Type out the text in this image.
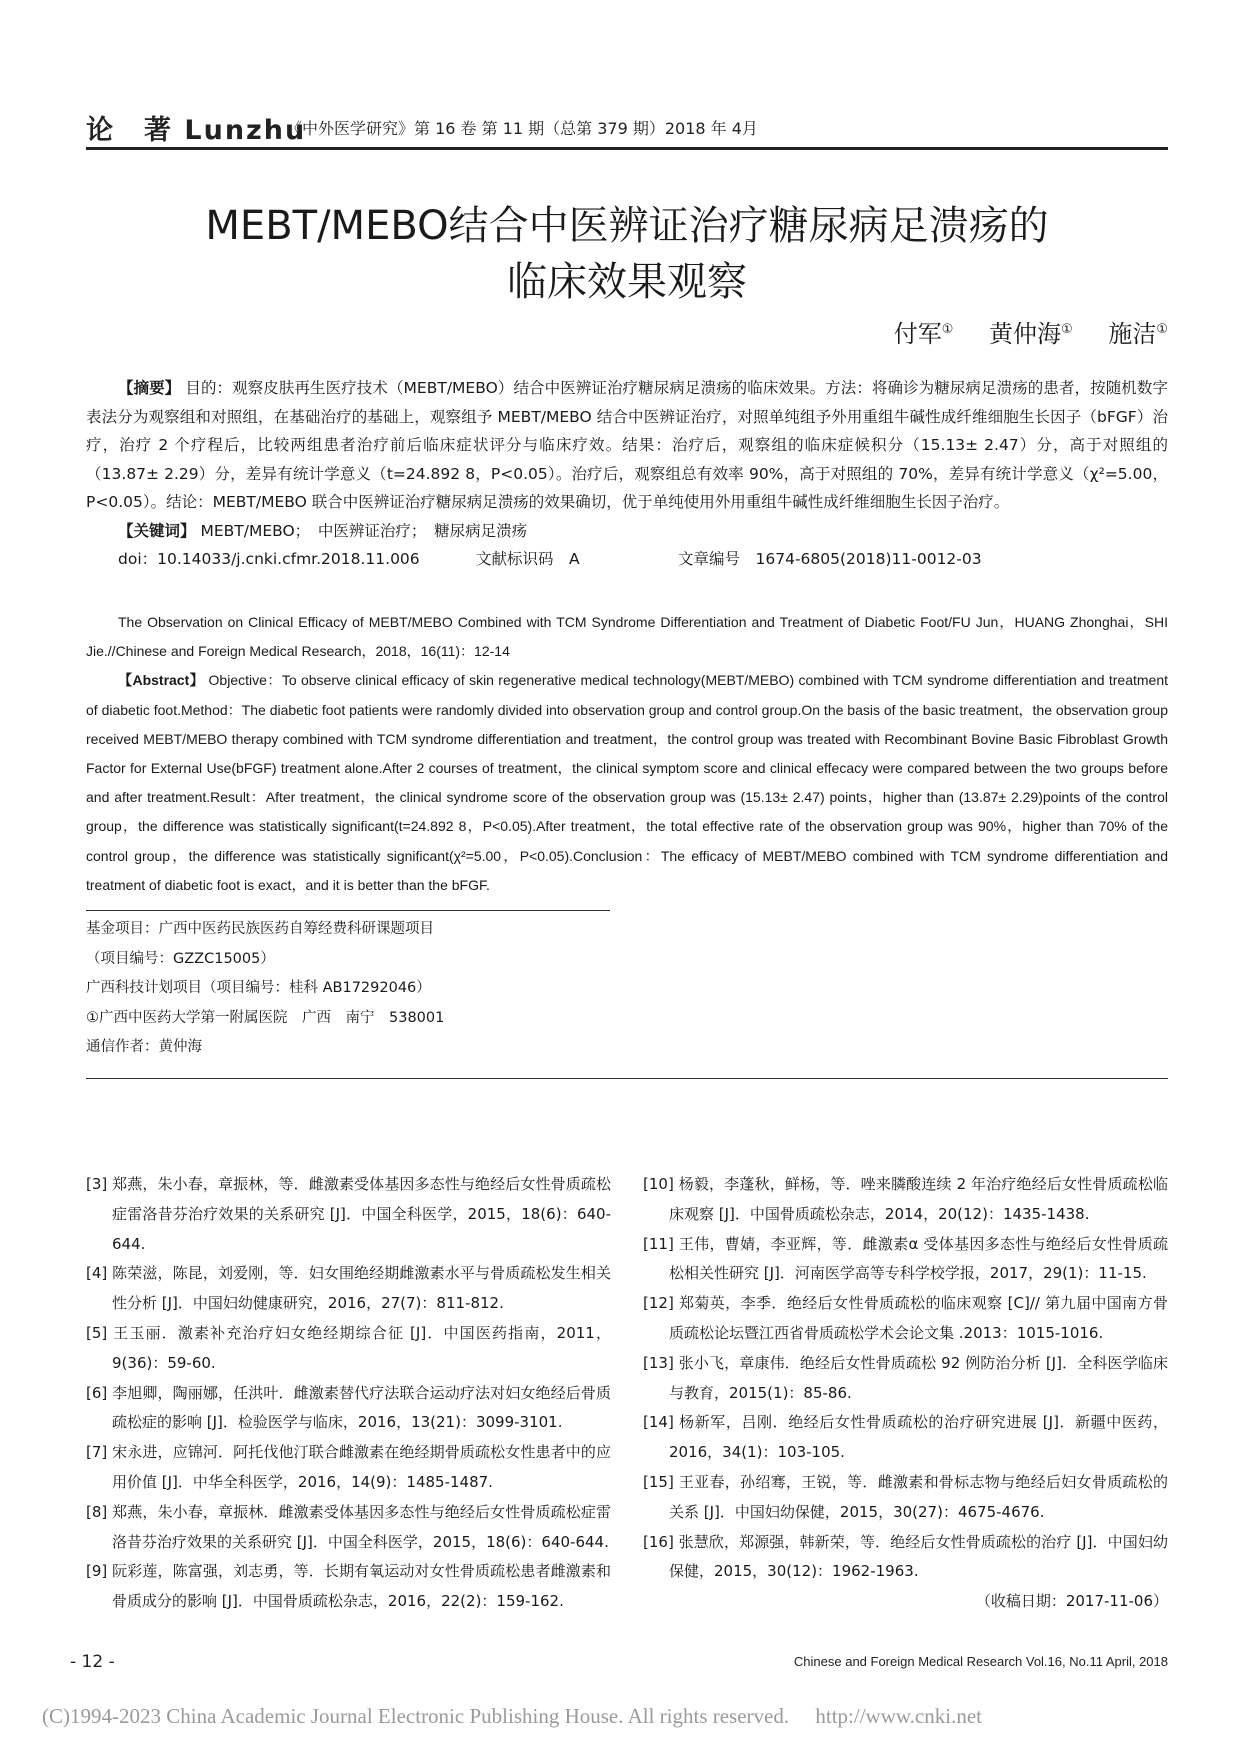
论　著 Lunzhu
《中外医学研究》第 16 卷 第 11 期（总第 379 期）2018 年 4月
MEBT/MEBO结合中医辨证治疗糖尿病足溃疡的
临床效果观察
付军① 黄仲海① 施洁①
【摘要】 目的：观察皮肤再生医疗技术（MEBT/MEBO）结合中医辨证治疗糖尿病足溃疡的临床效果。方法：将确诊为糖尿病足溃疡的患者，按随机数字表法分为观察组和对照组，在基础治疗的基础上，观察组予 MEBT/MEBO 结合中医辨证治疗，对照单纯组予外用重组牛碱性成纤维细胞生长因子（bFGF）治疗，治疗 2 个疗程后，比较两组患者治疗前后临床症状评分与临床疗效。结果：治疗后，观察组的临床症候积分（15.13± 2.47）分，高于对照组的（13.87± 2.29）分，差异有统计学意义（t=24.892 8，P<0.05）。治疗后，观察组总有效率 90%，高于对照组的 70%，差异有统计学意义（χ²=5.00，P<0.05）。结论：MEBT/MEBO 联合中医辨证治疗糖尿病足溃疡的效果确切，优于单纯使用外用重组牛碱性成纤维细胞生长因子治疗。
【关键词】 MEBT/MEBO；　中医辨证治疗；　糖尿病足溃疡
doi：10.14033/j.cnki.cfmr.2018.11.006	文献标识码　A	文章编号　1674-6805(2018)11-0012-03
The Observation on Clinical Efficacy of MEBT/MEBO Combined with TCM Syndrome Differentiation and Treatment of Diabetic Foot/FU Jun，HUANG Zhonghai，SHI Jie.//Chinese and Foreign Medical Research，2018，16(11)：12-14
【Abstract】 Objective：To observe clinical efficacy of skin regenerative medical technology(MEBT/MEBO) combined with TCM syndrome differentiation and treatment of diabetic foot.Method：The diabetic foot patients were randomly divided into observation group and control group.On the basis of the basic treatment，the observation group received MEBT/MEBO therapy combined with TCM syndrome differentiation and treatment，the control group was treated with Recombinant Bovine Basic Fibroblast Growth Factor for External Use(bFGF) treatment alone.After 2 courses of treatment，the clinical symptom score and clinical effecacy were compared between the two groups before and after treatment.Result：After treatment，the clinical syndrome score of the observation group was (15.13± 2.47) points，higher than (13.87± 2.29)points of the control group，the difference was statistically significant(t=24.892 8，P<0.05).After treatment，the total effective rate of the observation group was 90%，higher than 70% of the control group，the difference was statistically significant(χ²=5.00，P<0.05).Conclusion：The efficacy of MEBT/MEBO combined with TCM syndrome differentiation and treatment of diabetic foot is exact，and it is better than the bFGF.
基金项目：广西中医药民族医药自筹经费科研课题项目
（项目编号：GZZC15005）
广西科技计划项目（项目编号：桂科 AB17292046）
①广西中医药大学第一附属医院　广西　南宁　538001
通信作者：黄仲海
[3] 郑燕，朱小春，章振林，等．雌激素受体基因多态性与绝经后女性骨质疏松症雷洛昔芬治疗效果的关系研究 [J]．中国全科医学，2015，18(6)：640-644.
[4] 陈荣滋，陈昆，刘爱刚，等．妇女围绝经期雌激素水平与骨质疏松发生相关性分析 [J]．中国妇幼健康研究，2016，27(7)：811-812.
[5] 王玉丽．激素补充治疗妇女绝经期综合征 [J]．中国医药指南，2011，9(36)：59-60.
[6] 李旭卿，陶丽娜，任洪叶．雌激素替代疗法联合运动疗法对妇女绝经后骨质疏松症的影响 [J]．检验医学与临床，2016，13(21)：3099-3101.
[7] 宋永进，应锦河．阿托伐他汀联合雌激素在绝经期骨质疏松女性患者中的应用价值 [J]．中华全科医学，2016，14(9)：1485-1487.
[8] 郑燕，朱小春，章振林．雌激素受体基因多态性与绝经后女性骨质疏松症雷洛昔芬治疗效果的关系研究 [J]．中国全科医学，2015，18(6)：640-644.
[9] 阮彩莲，陈富强，刘志勇，等．长期有氧运动对女性骨质疏松患者雌激素和骨质成分的影响 [J]．中国骨质疏松杂志，2016，22(2)：159-162.
[10] 杨毅，李蓬秋，鲜杨，等．唑来膦酸连续 2 年治疗绝经后女性骨质疏松临床观察 [J]．中国骨质疏松杂志，2014，20(12)：1435-1438.
[11] 王伟，曹婧，李亚辉，等．雌激素α 受体基因多态性与绝经后女性骨质疏松相关性研究 [J]．河南医学高等专科学校学报，2017，29(1)：11-15.
[12] 郑菊英，李季．绝经后女性骨质疏松的临床观察 [C]// 第九届中国南方骨质疏松论坛暨江西省骨质疏松学术会论文集 .2013：1015-1016.
[13] 张小飞，章康伟．绝经后女性骨质疏松 92 例防治分析 [J]．全科医学临床与教育，2015(1)：85-86.
[14] 杨新军，吕刚．绝经后女性骨质疏松的治疗研究进展 [J]．新疆中医药，2016，34(1)：103-105.
[15] 王亚春，孙绍骞，王锐，等．雌激素和骨标志物与绝经后妇女骨质疏松的关系 [J]．中国妇幼保健，2015，30(27)：4675-4676.
[16] 张慧欣，郑源强，韩新荣，等．绝经后女性骨质疏松的治疗 [J]．中国妇幼保健，2015，30(12)：1962-1963.
（收稿日期：2017-11-06）
- 12 -	Chinese and Foreign Medical Research Vol.16, No.11 April, 2018
(C)1994-2023 China Academic Journal Electronic Publishing House. All rights reserved.　 http://www.cnki.net
